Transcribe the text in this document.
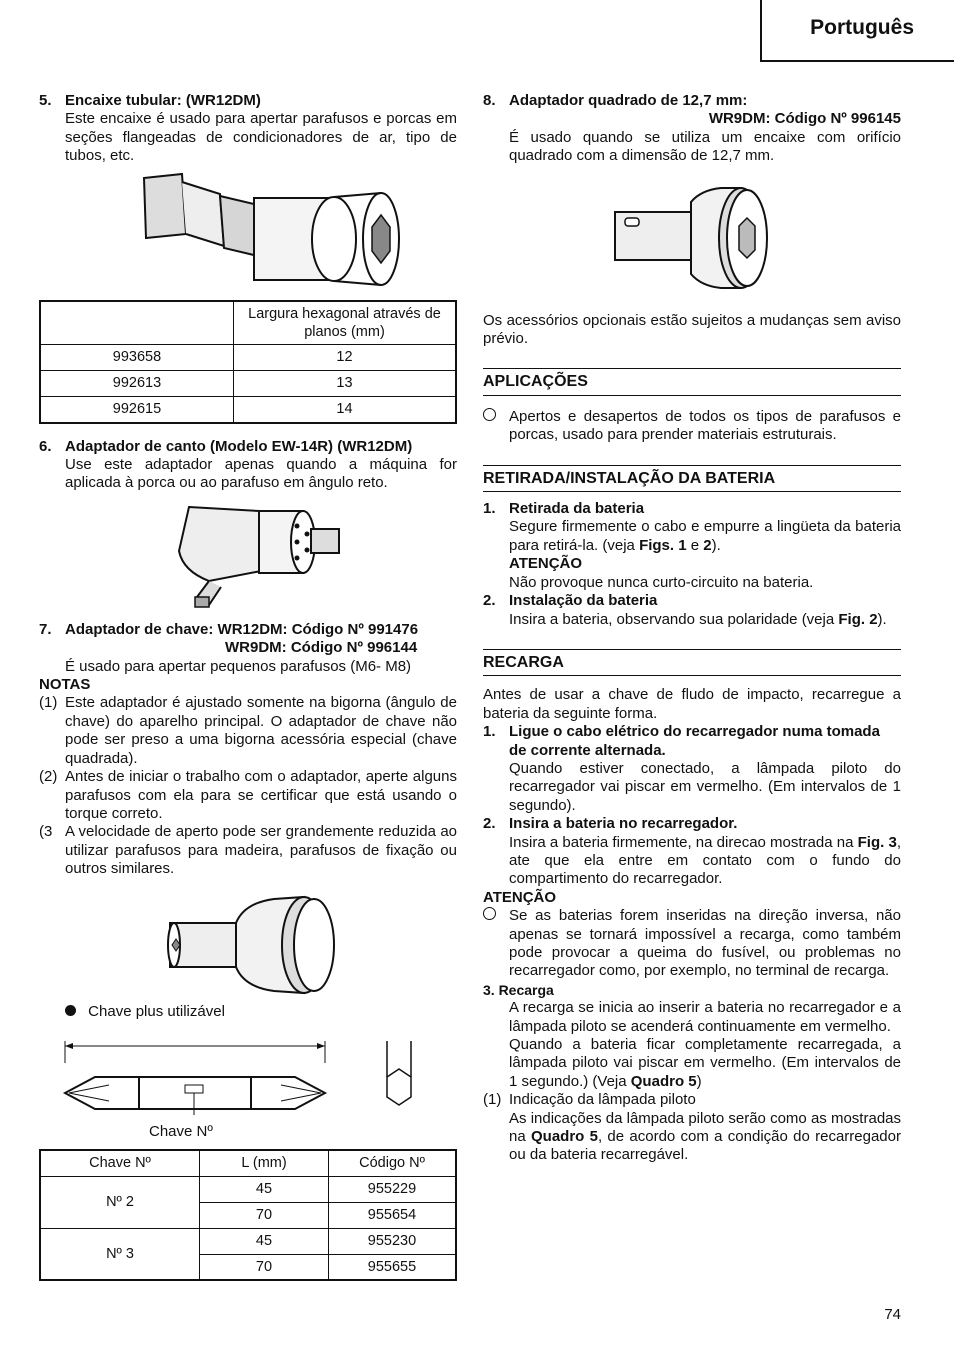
Português
5. Encaixe tubular: (WR12DM)

Este encaixe é usado para apertar parafusos e porcas em seções flangeadas de condicionadores de ar, tipo de tubos, etc.

	Largura hexagonal através de planos (mm)
993658	12
992613	13
992615	14
6. Adaptador de canto (Modelo EW-14R) (WR12DM)

Use este adaptador apenas quando a máquina for aplicada à porca ou ao parafuso em ângulo reto.

7. Adaptador de chave: WR12DM: Código Nº 991476
WR9DM: Código Nº 996144

É usado para apertar pequenos parafusos (M6- M8)

NOTAS
(1) Este adaptador é ajustado somente na bigorna (ângulo de chave) do aparelho principal. O adaptador de chave não pode ser preso a uma bigorna acessória especial (chave quadrada).
(2) Antes de iniciar o trabalho com o adaptador, aperte alguns parafusos com ela para se certificar que está usando o torque correto.
(3 A velocidade de aperto pode ser grandemente reduzida ao utilizar parafusos para madeira, parafusos de fixação ou outros similares.
Chave plus utilizável
Chave Nº
Chave Nº	L (mm)	Código Nº
Nº 2	45	955229
	70	955654
Nº 3	45	955230
	70	955655
8. Adaptador quadrado de 12,7 mm:
WR9DM: Código Nº 996145

É usado quando se utiliza um encaixe com orifício quadrado com a dimensão de 12,7 mm.

Os acessórios opcionais estão sujeitos a mudanças sem aviso prévio.

APLICAÇÕES
Apertos e desapertos de todos os tipos de parafusos e porcas, usado para prender materiais estruturais.
RETIRADA/INSTALAÇÃO DA BATERIA
1. Retirada da bateria

Segure firmemente o cabo e empurre a lingüeta da bateria para retirá-la. (veja Figs. 1 e 2).

ATENÇÃO

Não provoque nunca curto-circuito na bateria.

2. Instalação da bateria

Insira a bateria, observando sua polaridade (veja Fig. 2).

RECARGA

Antes de usar a chave de fludo de impacto, recarregue a bateria da seguinte forma.

1. Ligue o cabo elétrico do recarregador numa tomada de corrente alternada.

Quando estiver conectado, a lâmpada piloto do recarregador vai piscar em vermelho. (Em intervalos de 1 segundo).

2. Insira a bateria no recarregador.

Insira a bateria firmemente, na direcao mostrada na Fig. 3, ate que ela entre em contato com o fundo do compartimento do recarregador.

ATENÇÃO
Se as baterias forem inseridas na direção inversa, não apenas se tornará impossível a recarga, como também pode provocar a queima do fusível, ou problemas no recarregador como, por exemplo, no terminal de recarga.
3. Recarga

A recarga se inicia ao inserir a bateria no recarregador e a lâmpada piloto se acenderá continuamente em vermelho.

Quando a bateria ficar completamente recarregada, a lâmpada piloto vai piscar em vermelho. (Em intervalos de 1 segundo.) (Veja Quadro 5)

(1) Indicação da lâmpada piloto

As indicações da lâmpada piloto serão como as mostradas na Quadro 5, de acordo com a condição do recarregador ou da bateria recarregável.

74
